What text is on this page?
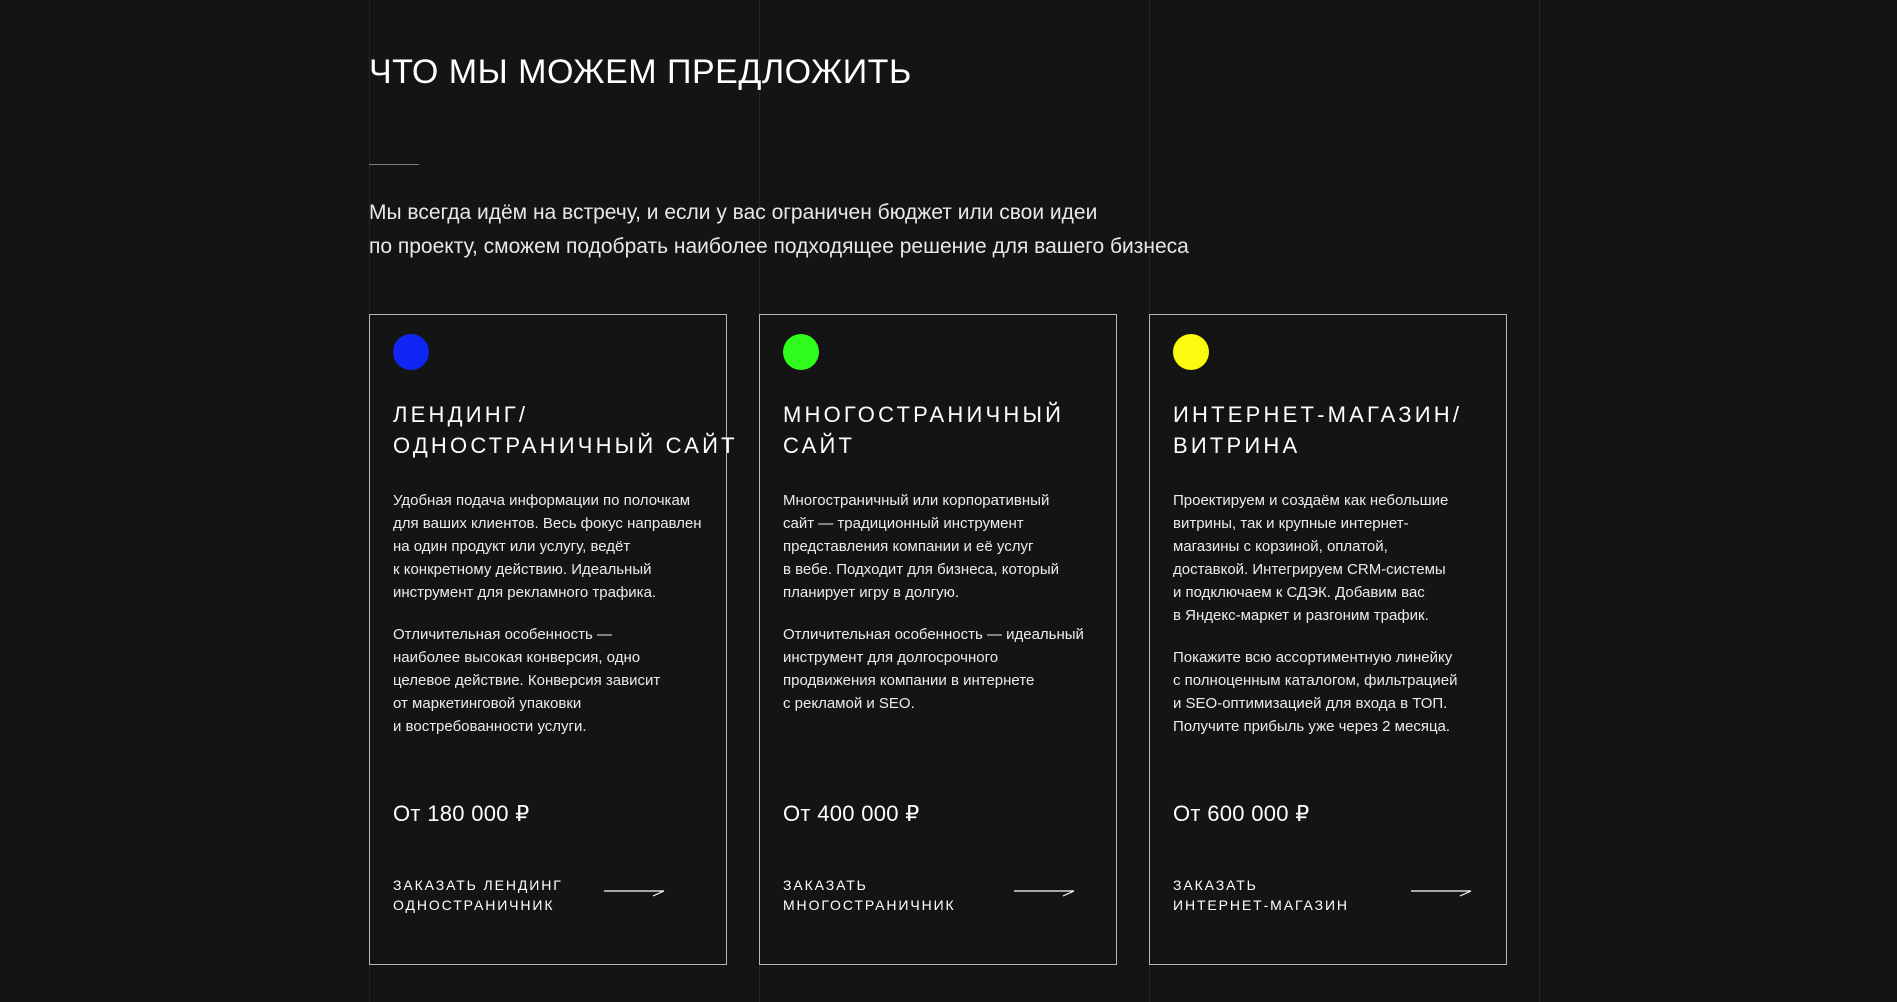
ЧТО МЫ МОЖЕМ ПРЕДЛОЖИТЬ

Мы всегда идём на встречу, и если у вас ограничен бюджет или свои идеи
по проекту, сможем подобрать наиболее подходящее решение для вашего бизнеса

ЛЕНДИНГ/
ОДНОСТРАНИЧНЫЙ САЙТ

Удобная подача информации по полочкам
для ваших клиентов. Весь фокус направлен
на один продукт или услугу, ведёт
к конкретному действию. Идеальный
инструмент для рекламного трафика.

Отличительная особенность —
наиболее высокая конверсия, одно
целевое действие. Конверсия зависит
от маркетинговой упаковки
и востребованности услуги.

От 180 000 ₽
ЗАКАЗАТЬ ЛЕНДИНГ
ОДНОСТРАНИЧНИК
МНОГОСТРАНИЧНЫЙ
САЙТ

Многостраничный или корпоративный
сайт — традиционный инструмент
представления компании и её услуг
в вебе. Подходит для бизнеса, который
планирует игру в долгую.

Отличительная особенность — идеальный
инструмент для долгосрочного
продвижения компании в интернете
с рекламой и SEO.

От 400 000 ₽
ЗАКАЗАТЬ
МНОГОСТРАНИЧНИК
ИНТЕРНЕТ-МАГАЗИН/
ВИТРИНА

Проектируем и создаём как небольшие
витрины, так и крупные интернет-
магазины с корзиной, оплатой,
доставкой. Интегрируем CRM-системы
и подключаем к СДЭК. Добавим вас
в Яндекс-маркет и разгоним трафик.

Покажите всю ассортиментную линейку
с полноценным каталогом, фильтрацией
и SEO-оптимизацией для входа в ТОП.
Получите прибыль уже через 2 месяца.

От 600 000 ₽
ЗАКАЗАТЬ
ИНТЕРНЕТ-МАГАЗИН
